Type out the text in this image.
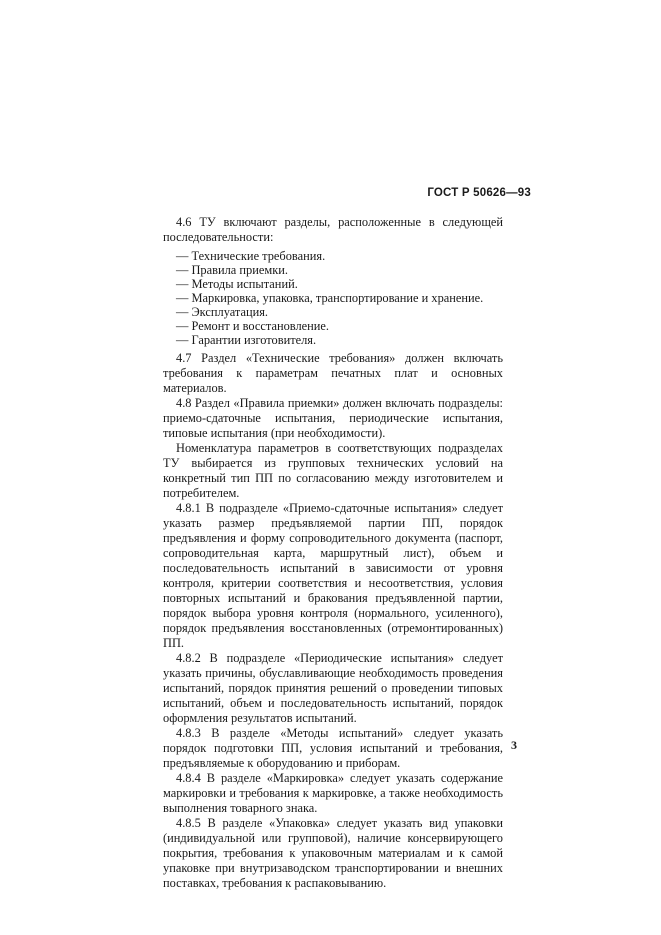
ГОСТ Р 50626—93

4.6 ТУ включают разделы, расположенные в следующей последовательности:

— Технические требования.
— Правила приемки.
— Методы испытаний.
— Маркировка, упаковка, транспортирование и хранение.
— Эксплуатация.
— Ремонт и восстановление.
— Гарантии изготовителя.

4.7 Раздел «Технические требования» должен включать требования к параметрам печатных плат и основных материалов.

4.8 Раздел «Правила приемки» должен включать подразделы: приемо-сдаточные испытания, периодические испытания, типовые испытания (при необходимости).

Номенклатура параметров в соответствующих подразделах ТУ выбирается из групповых технических условий на конкретный тип ПП по согласованию между изготовителем и потребителем.

4.8.1 В подразделе «Приемо-сдаточные испытания» следует указать размер предъявляемой партии ПП, порядок предъявления и форму сопроводительного документа (паспорт, сопроводительная карта, маршрутный лист), объем и последовательность испытаний в зависимости от уровня контроля, критерии соответствия и несоответствия, условия повторных испытаний и бракования предъявленной партии, порядок выбора уровня контроля (нормального, усиленного), порядок предъявления восстановленных (отремонтированных) ПП.

4.8.2 В подразделе «Периодические испытания» следует указать причины, обуславливающие необходимость проведения испытаний, порядок принятия решений о проведении типовых испытаний, объем и последовательность испытаний, порядок оформления результатов испытаний.

4.8.3 В разделе «Методы испытаний» следует указать порядок подготовки ПП, условия испытаний и требования, предъявляемые к оборудованию и приборам.

4.8.4 В разделе «Маркировка» следует указать содержание маркировки и требования к маркировке, а также необходимость выполнения товарного знака.

4.8.5 В разделе «Упаковка» следует указать вид упаковки (индивидуальной или групповой), наличие консервирующего покрытия, требования к упаковочным материалам и к самой упаковке при внутризаводском транспортировании и внешних поставках, требования к распаковыванию.

3
